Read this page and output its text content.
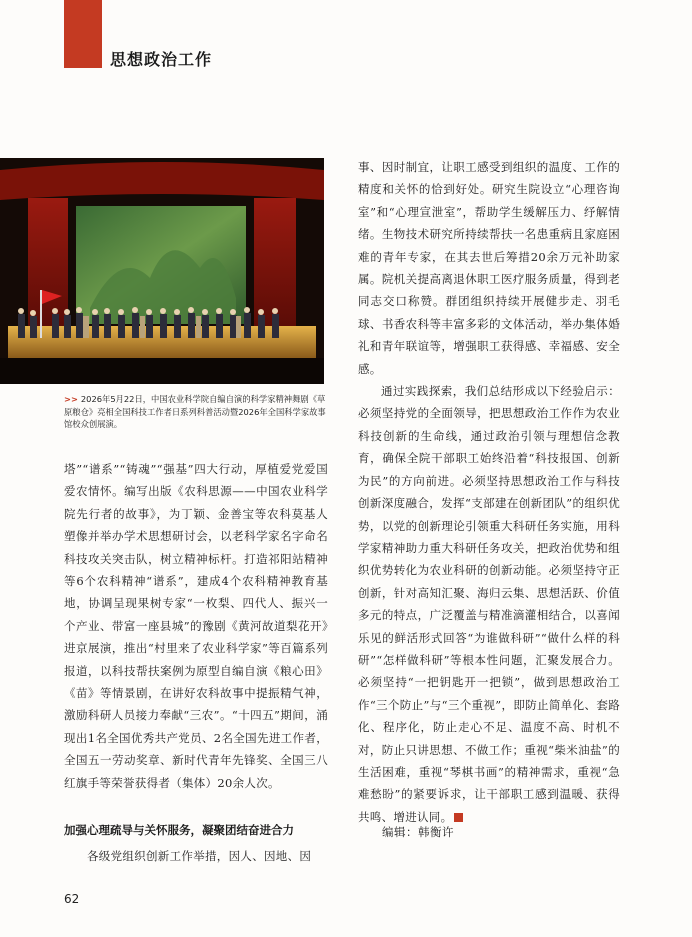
思想政治工作
>> 2026年5月22日，中国农业科学院自编自演的科学家精神舞剧《草原粮仓》亮相全国科技工作者日系列科普活动暨2026年全国科学家故事馆校众创展演。

塔”“谱系”“铸魂”“强基”四大行动，厚植爱党爱国爱农情怀。编写出版《农科思源——中国农业科学院先行者的故事》，为丁颖、金善宝等农科莫基人塑像并举办学术思想研讨会，以老科学家名字命名科技攻关突击队，树立精神标杆。打造祁阳站精神等6个农科精神“谱系”，建成4个农科精神教育基地，协调呈现果树专家“一枚梨、四代人、振兴一个产业、带富一座县城”的豫剧《黄河故道梨花开》进京展演，推出“村里来了农业科学家”等百篇系列报道，以科技帮扶案例为原型自编自演《粮心田》《苗》等情景剧，在讲好农科故事中提振精气神，激励科研人员接力奉献“三农”。“十四五”期间，涌现出1名全国优秀共产党员、2名全国先进工作者，全国五一劳动奖章、新时代青年先锋奖、全国三八红旗手等荣誉获得者（集体）20余人次。

加强心理疏导与关怀服务，凝聚团结奋进合力

各级党组织创新工作举措，因人、因地、因

事、因时制宜，让职工感受到组织的温度、工作的精度和关怀的恰到好处。研究生院设立“心理咨询室”和“心理宣泄室”，帮助学生缓解压力、纾解情绪。生物技术研究所持续帮扶一名患重病且家庭困难的青年专家，在其去世后筹措20余万元补助家属。院机关提高离退休职工医疗服务质量，得到老同志交口称赞。群团组织持续开展健步走、羽毛球、书香农科等丰富多彩的文体活动，举办集体婚礼和青年联谊等，增强职工获得感、幸福感、安全感。

通过实践探索，我们总结形成以下经验启示：必须坚持党的全面领导，把思想政治工作作为农业科技创新的生命线，通过政治引领与理想信念教育，确保全院干部职工始终沿着“科技报国、创新为民”的方向前进。必须坚持思想政治工作与科技创新深度融合，发挥“支部建在创新团队”的组织优势，以党的创新理论引领重大科研任务实施，用科学家精神助力重大科研任务攻关，把政治优势和组织优势转化为农业科研的创新动能。必须坚持守正创新，针对高知汇聚、海归云集、思想活跃、价值多元的特点，广泛覆盖与精准滴灌相结合，以喜闻乐见的鲜活形式回答“为谁做科研”“做什么样的科研”“怎样做科研”等根本性问题，汇聚发展合力。必须坚持“一把钥匙开一把锁”，做到思想政治工作“三个防止”与“三个重视”，即防止简单化、套路化、程序化，防止走心不足、温度不高、时机不对，防止只讲思想、不做工作；重视“柴米油盐”的生活困难，重视“琴棋书画”的精神需求，重视“急难愁盼”的紧要诉求，让干部职工感到温暖、获得共鸣、增进认同。

编辑：韩衡许
62
